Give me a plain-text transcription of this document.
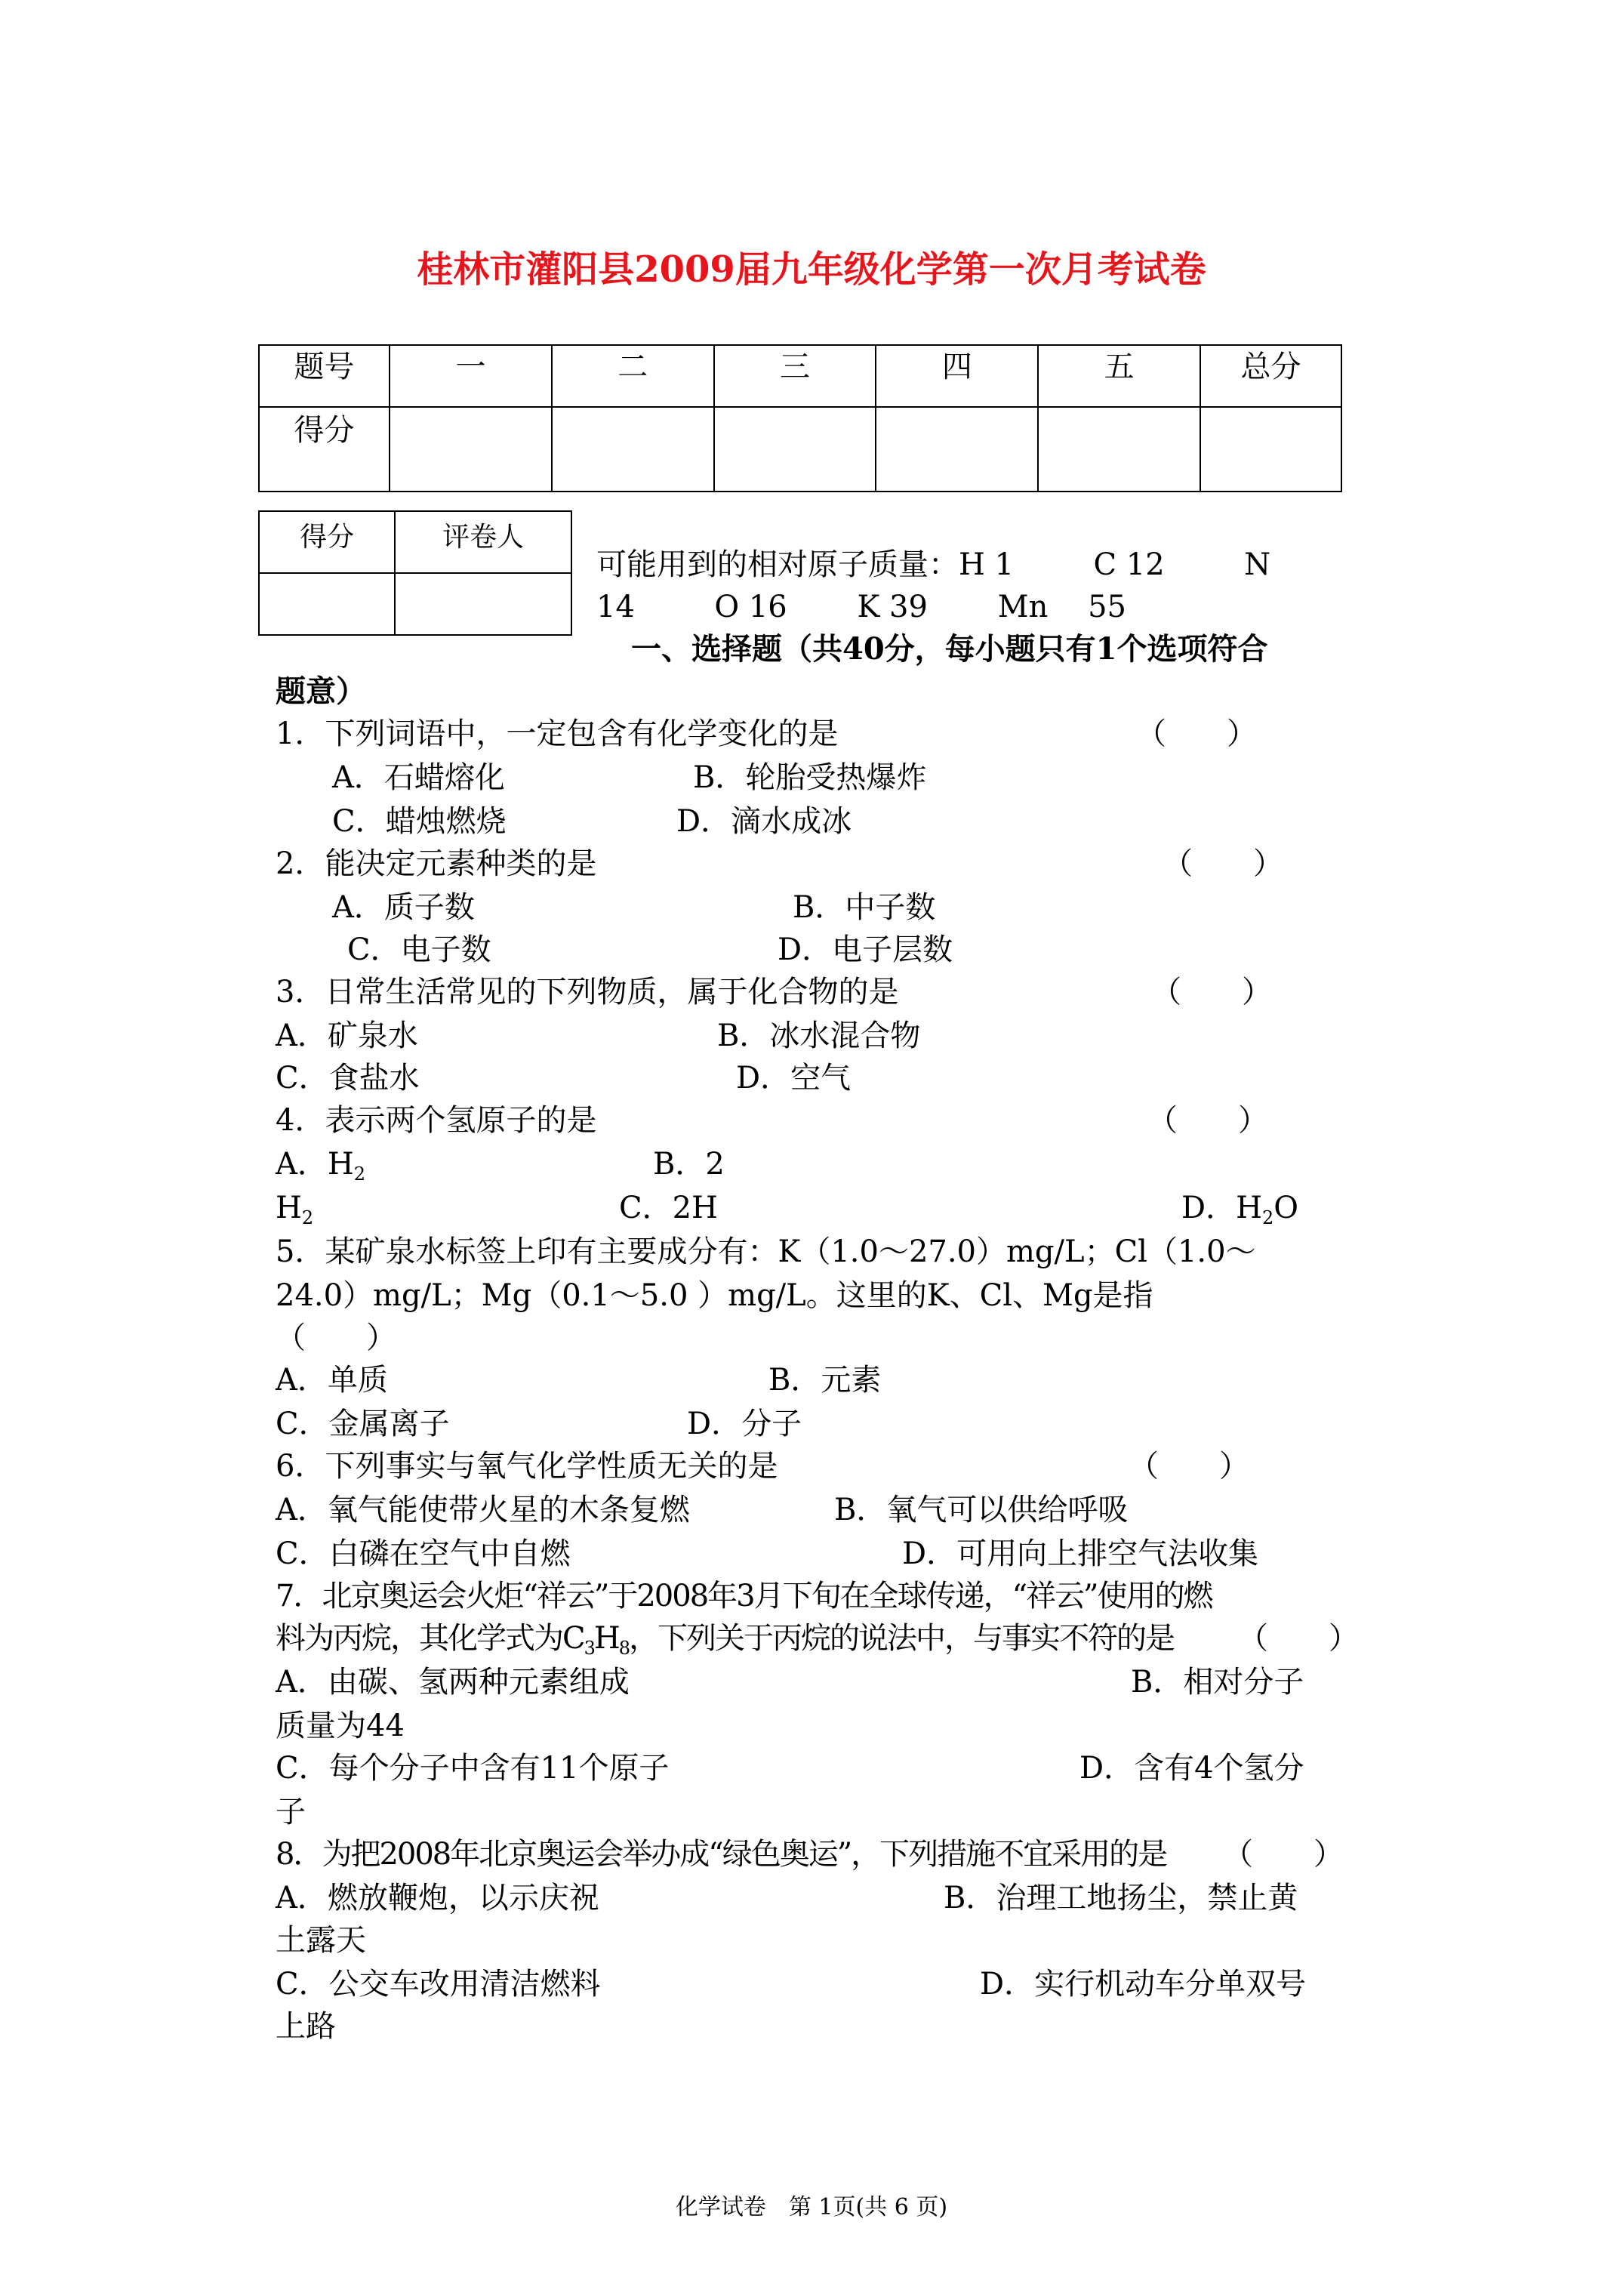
桂林市灌阳县2009届九年级化学第一次月考试卷
题号	一	二	三	四	五	总分
得分						
得分	评卷人

可能用到的相对原子质量：H 1 　　 C 12 　　 N
14 　　 O 16 　　K 39 　　Mn 　55
一、选择题（共40分，每小题只有1个选项符合
题意）
1．下列词语中，一定包含有化学变化的是	（　　）
A．石蜡熔化	B．轮胎受热爆炸
C．蜡烛燃烧	D．滴水成冰
2．能决定元素种类的是	（　　）
A．质子数	B．中子数
C．电子数	D．电子层数
3．日常生活常见的下列物质，属于化合物的是	（　　）
A．矿泉水	B．冰水混合物
C．食盐水	D．空气
4．表示两个氢原子的是	（　　）
A．$H_2$	B．2
$H_2$	C．2H	D．$H_2O$
5．某矿泉水标签上印有主要成分有：K（1.0～27.0）mg/L；Cl（1.0～
24.0）mg/L；Mg（0.1～5.0 ）mg/L。这里的K、Cl、Mg是指
（　　）
A．单质	B．元素
C．金属离子	D．分子
6．下列事实与氧气化学性质无关的是	（　　）
A．氧气能使带火星的木条复燃	B．氧气可以供给呼吸
C．白磷在空气中自燃	D．可用向上排空气法收集
7．北京奥运会火炬“祥云”于2008年3月下旬在全球传递，“祥云”使用的燃
料为丙烷，其化学式为$C_3H_8$，下列关于丙烷的说法中，与事实不符的是 （　　）
A．由碳、氢两种元素组成	B．相对分子
质量为44
C．每个分子中含有11个原子	D．含有4个氢分
子
8．为把2008年北京奥运会举办成“绿色奥运”，下列措施不宜采用的是 （　　）
A．燃放鞭炮，以示庆祝	B．治理工地扬尘，禁止黄
土露天
C．公交车改用清洁燃料	D．实行机动车分单双号
上路
化学试卷　第 1页(共 6 页)
